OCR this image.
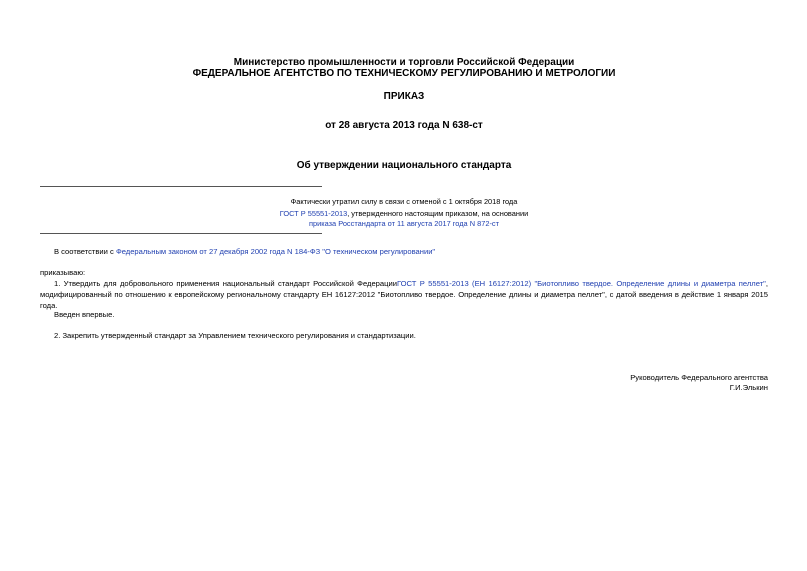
Министерство промышленности и торговли Российской Федерации
ФЕДЕРАЛЬНОЕ АГЕНТСТВО ПО ТЕХНИЧЕСКОМУ РЕГУЛИРОВАНИЮ И МЕТРОЛОГИИ
ПРИКАЗ
от 28 августа 2013 года N 638-ст
Об утверждении национального стандарта
Фактически утратил силу в связи с отменой с 1 октября 2018 года
ГОСТ Р 55551-2013, утвержденного настоящим приказом, на основании
приказа Росстандарта от 11 августа 2017 года N 872-ст
В соответствии с Федеральным законом от 27 декабря 2002 года N 184-ФЗ "О техническом регулировании"
приказываю:
1. Утвердить для добровольного применения национальный стандарт Российской ФедерацииГОСТ Р 55551-2013 (ЕН 16127:2012) "Биотопливо твердое. Определение длины и диаметра пеллет", модифицированный по отношению к европейскому региональному стандарту ЕН 16127:2012 "Биотопливо твердое. Определение длины и диаметра пеллет", с датой введения в действие 1 января 2015 года.
Введен впервые.
2. Закрепить утвержденный стандарт за Управлением технического регулирования и стандартизации.
Руководитель Федерального агентства
Г.И.Элькин
